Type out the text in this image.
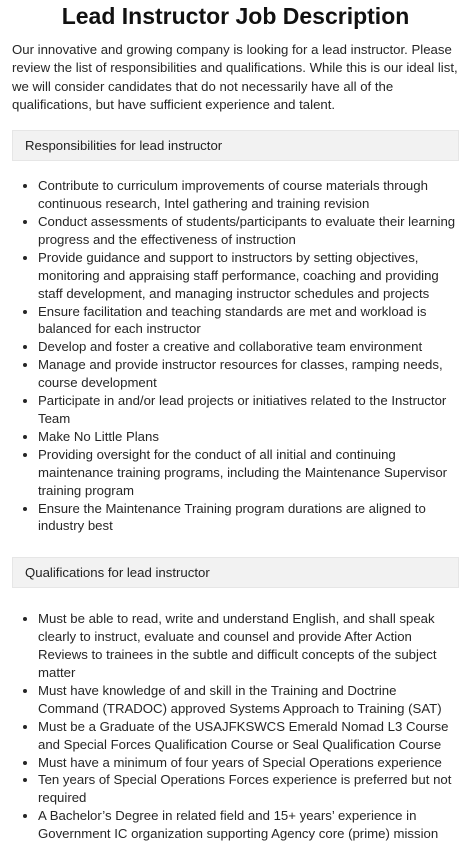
Lead Instructor Job Description

Our innovative and growing company is looking for a lead instructor. Please review the list of responsibilities and qualifications. While this is our ideal list, we will consider candidates that do not necessarily have all of the qualifications, but have sufficient experience and talent.

Responsibilities for lead instructor
• Contribute to curriculum improvements of course materials through continuous research, Intel gathering and training revision
• Conduct assessments of students/participants to evaluate their learning progress and the effectiveness of instruction
• Provide guidance and support to instructors by setting objectives, monitoring and appraising staff performance, coaching and providing staff development, and managing instructor schedules and projects
• Ensure facilitation and teaching standards are met and workload is balanced for each instructor
• Develop and foster a creative and collaborative team environment
• Manage and provide instructor resources for classes, ramping needs, course development
• Participate in and/or lead projects or initiatives related to the Instructor Team
• Make No Little Plans
• Providing oversight for the conduct of all initial and continuing maintenance training programs, including the Maintenance Supervisor training program
• Ensure the Maintenance Training program durations are aligned to industry best
Qualifications for lead instructor
• Must be able to read, write and understand English, and shall speak clearly to instruct, evaluate and counsel and provide After Action Reviews to trainees in the subtle and difficult concepts of the subject matter
• Must have knowledge of and skill in the Training and Doctrine Command (TRADOC) approved Systems Approach to Training (SAT)
• Must be a Graduate of the USAJFKSWCS Emerald Nomad L3 Course and Special Forces Qualification Course or Seal Qualification Course
• Must have a minimum of four years of Special Operations experience
• Ten years of Special Operations Forces experience is preferred but not required
• A Bachelor’s Degree in related field and 15+ years’ experience in Government IC organization supporting Agency core (prime) mission
